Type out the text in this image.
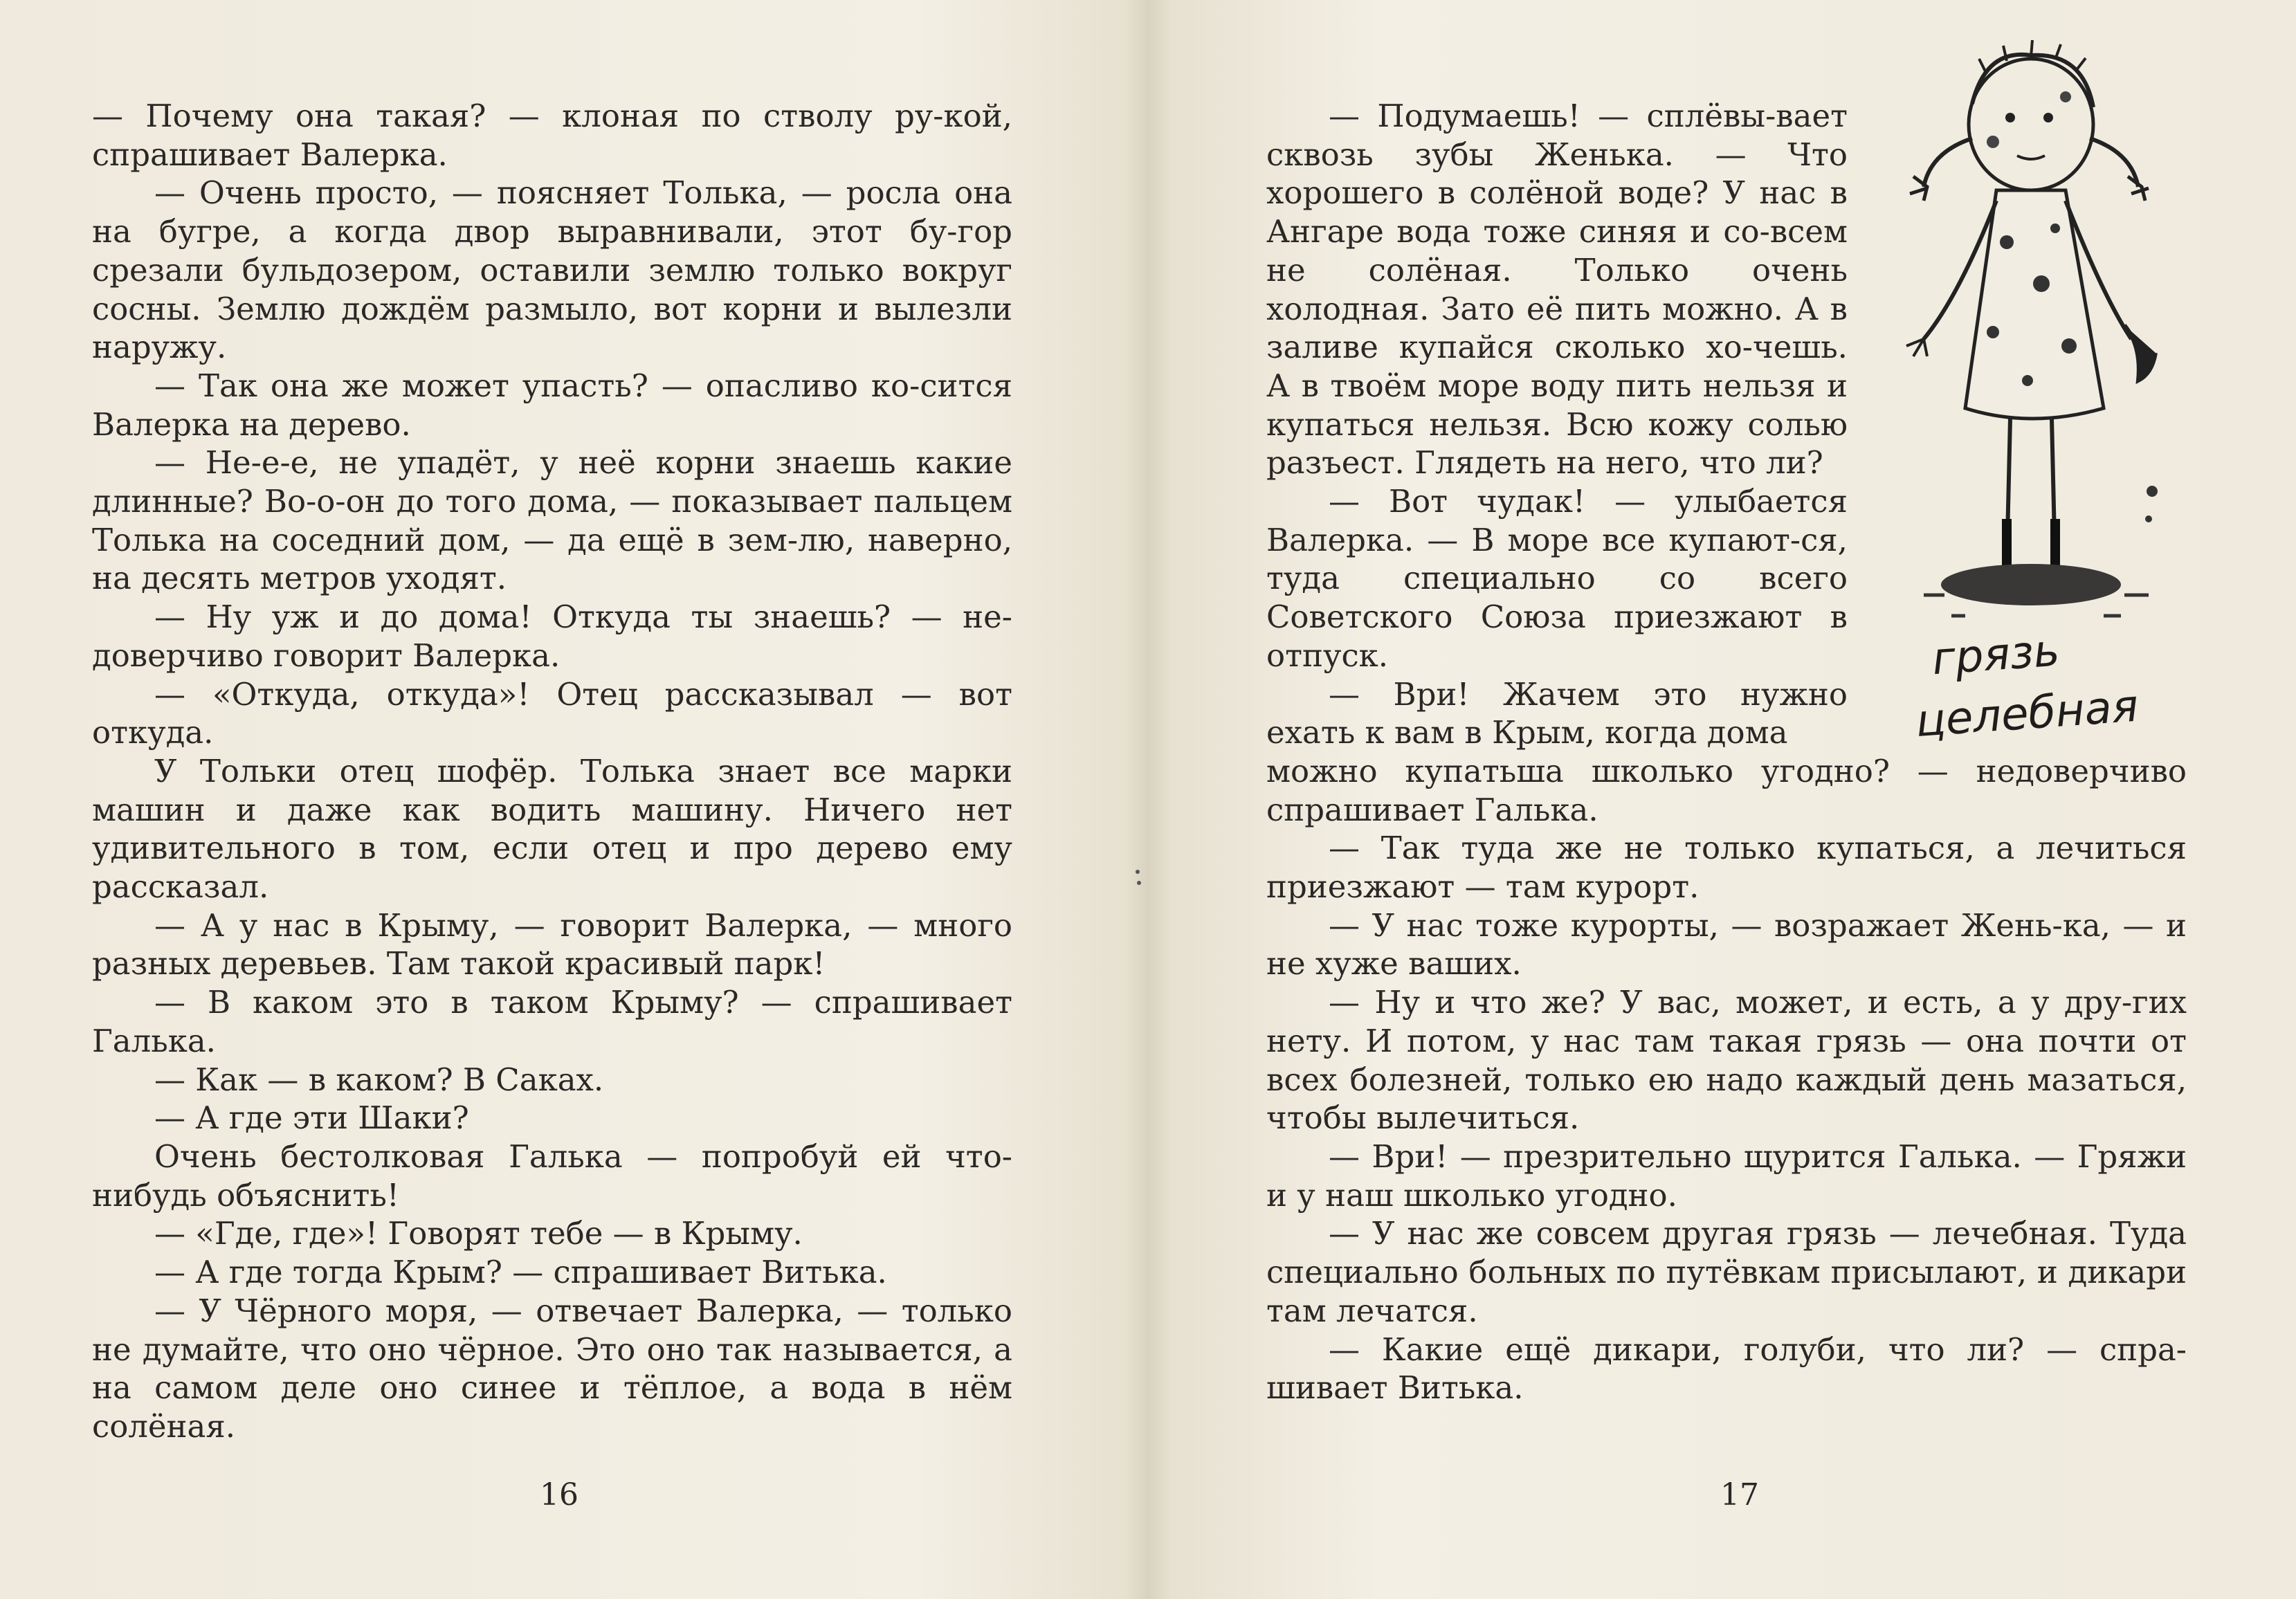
— Почему она такая? — клоная по стволу ру-кой, спрашивает Валерка.

— Очень просто, — поясняет Толька, — росла она на бугре, а когда двор выравнивали, этот бу-гор срезали бульдозером, оставили землю только вокруг сосны. Землю дождём размыло, вот корни и вылезли наружу.

— Так она же может упасть? — опасливо ко-сится Валерка на дерево.

— Не-е-е, не упадёт, у неё корни знаешь какие длинные? Во-о-он до того дома, — показывает пальцем Толька на соседний дом, — да ещё в зем-лю, наверно, на десять метров уходят.

— Ну уж и до дома! Откуда ты знаешь? — не-доверчиво говорит Валерка.

— «Откуда, откуда»! Отец рассказывал — вот откуда.

У Тольки отец шофёр. Толька знает все марки машин и даже как водить машину. Ничего нет удивительного в том, если отец и про дерево ему рассказал.

— А у нас в Крыму, — говорит Валерка, — много разных деревьев. Там такой красивый парк!

— В каком это в таком Крыму? — спрашивает Галька.

— Как — в каком? В Саках.

— А где эти Шаки?

Очень бестолковая Галька — попробуй ей что-нибудь объяснить!

— «Где, где»! Говорят тебе — в Крыму.

— А где тогда Крым? — спрашивает Витька.

— У Чёрного моря, — отвечает Валерка, — только не думайте, что оно чёрное. Это оно так называется, а на самом деле оно синее и тёплое, а вода в нём солёная.

16

— Подумаешь! — сплёвы-вает сквозь зубы Женька. — Что хорошего в солёной воде? У нас в Ангаре вода тоже синяя и со-всем не солёная. Только очень холодная. Зато её пить можно. А в заливе купайся сколько хо-чешь. А в твоём море воду пить нельзя и купаться нельзя. Всю кожу солью разъест. Глядеть на него, что ли?

— Вот чудак! — улыбается Валерка. — В море все купают-ся, туда специально со всего Советского Союза приезжают в отпуск.

— Ври! Жачем это нужно ехать к вам в Крым, когда дома

можно купатьша школько угодно? — недоверчиво спрашивает Галька.

— Так туда же не только купаться, а лечиться приезжают — там курорт.

— У нас тоже курорты, — возражает Жень-ка, — и не хуже ваших.

— Ну и что же? У вас, может, и есть, а у дру-гих нету. И потом, у нас там такая грязь — она почти от всех болезней, только ею надо каждый день мазаться, чтобы вылечиться.

— Ври! — презрительно щурится Галька. — Гряжи и у наш школько угодно.

— У нас же совсем другая грязь — лечебная. Туда специально больных по путёвкам присылают, и дикари там лечатся.

— Какие ещё дикари, голуби, что ли? — спра-шивает Витька.

грязь
целебная
17
